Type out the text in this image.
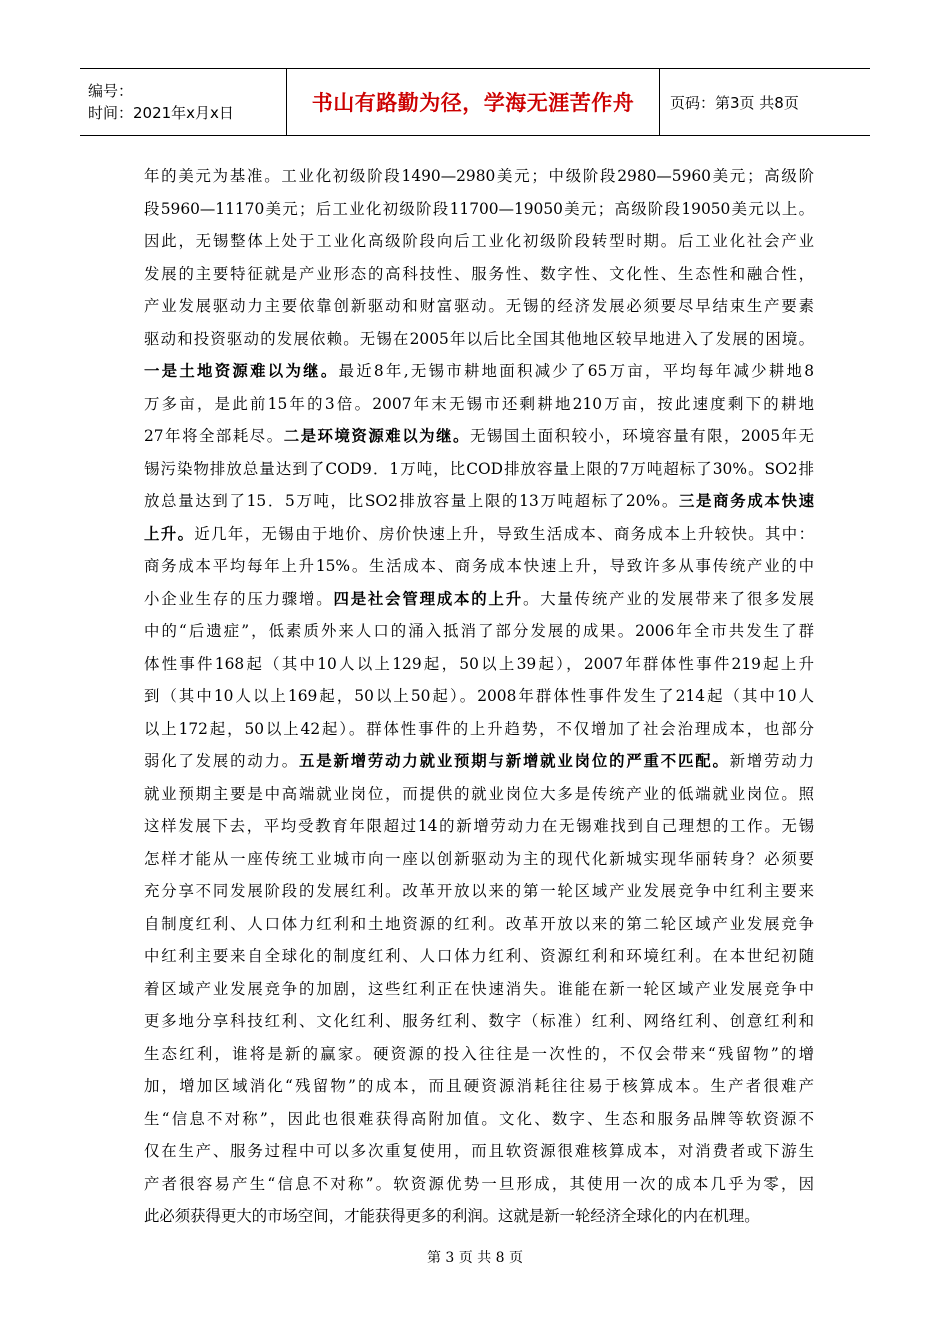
编号：
时间：2021年x月x日	书山有路勤为径，学海无涯苦作舟 页码：第3页 共8页
年的美元为基准。工业化初级阶段1490—2980美元；中级阶段2980—5960美元；高级阶
段5960—11170美元；后工业化初级阶段11700—19050美元；高级阶段19050美元以上。
因此，无锡整体上处于工业化高级阶段向后工业化初级阶段转型时期。后工业化社会产业
发展的主要特征就是产业形态的高科技性、服务性、数字性、文化性、生态性和融合性，
产业发展驱动力主要依靠创新驱动和财富驱动。无锡的经济发展必须要尽早结束生产要素
驱动和投资驱动的发展依赖。无锡在2005年以后比全国其他地区较早地进入了发展的困境。
一是土地资源难以为继。最近8年,无锡市耕地面积减少了65万亩，平均每年减少耕地8
万多亩，是此前15年的3倍。2007年末无锡市还剩耕地210万亩，按此速度剩下的耕地
27年将全部耗尽。二是环境资源难以为继。无锡国土面积较小，环境容量有限，2005年无
锡污染物排放总量达到了COD9．1万吨，比COD排放容量上限的7万吨超标了30%。SO2排
放总量达到了15．5万吨，比SO2排放容量上限的13万吨超标了20%。三是商务成本快速
上升。近几年，无锡由于地价、房价快速上升，导致生活成本、商务成本上升较快。其中：
商务成本平均每年上升15%。生活成本、商务成本快速上升，导致许多从事传统产业的中
小企业生存的压力骤增。四是社会管理成本的上升。大量传统产业的发展带来了很多发展
中的“后遗症”，低素质外来人口的涌入抵消了部分发展的成果。2006年全市共发生了群
体性事件168起（其中10人以上129起，50以上39起），2007年群体性事件219起上升
到（其中10人以上169起，50以上50起）。2008年群体性事件发生了214起（其中10人
以上172起，50以上42起）。群体性事件的上升趋势，不仅增加了社会治理成本，也部分
弱化了发展的动力。五是新增劳动力就业预期与新增就业岗位的严重不匹配。新增劳动力
就业预期主要是中高端就业岗位，而提供的就业岗位大多是传统产业的低端就业岗位。照
这样发展下去，平均受教育年限超过14的新增劳动力在无锡难找到自己理想的工作。无锡
怎样才能从一座传统工业城市向一座以创新驱动为主的现代化新城实现华丽转身？必须要
充分享不同发展阶段的发展红利。改革开放以来的第一轮区域产业发展竞争中红利主要来
自制度红利、人口体力红利和土地资源的红利。改革开放以来的第二轮区域产业发展竞争
中红利主要来自全球化的制度红利、人口体力红利、资源红利和环境红利。在本世纪初随
着区域产业发展竞争的加剧，这些红利正在快速消失。谁能在新一轮区域产业发展竞争中
更多地分享科技红利、文化红利、服务红利、数字（标准）红利、网络红利、创意红利和
生态红利，谁将是新的赢家。硬资源的投入往往是一次性的，不仅会带来“残留物”的增
加，增加区域消化“残留物”的成本，而且硬资源消耗往往易于核算成本。生产者很难产
生“信息不对称”，因此也很难获得高附加值。文化、数字、生态和服务品牌等软资源不
仅在生产、服务过程中可以多次重复使用，而且软资源很难核算成本，对消费者或下游生
产者很容易产生“信息不对称”。软资源优势一旦形成，其使用一次的成本几乎为零，因
此必须获得更大的市场空间，才能获得更多的利润。这就是新一轮经济全球化的内在机理。
第 3 页 共 8 页
